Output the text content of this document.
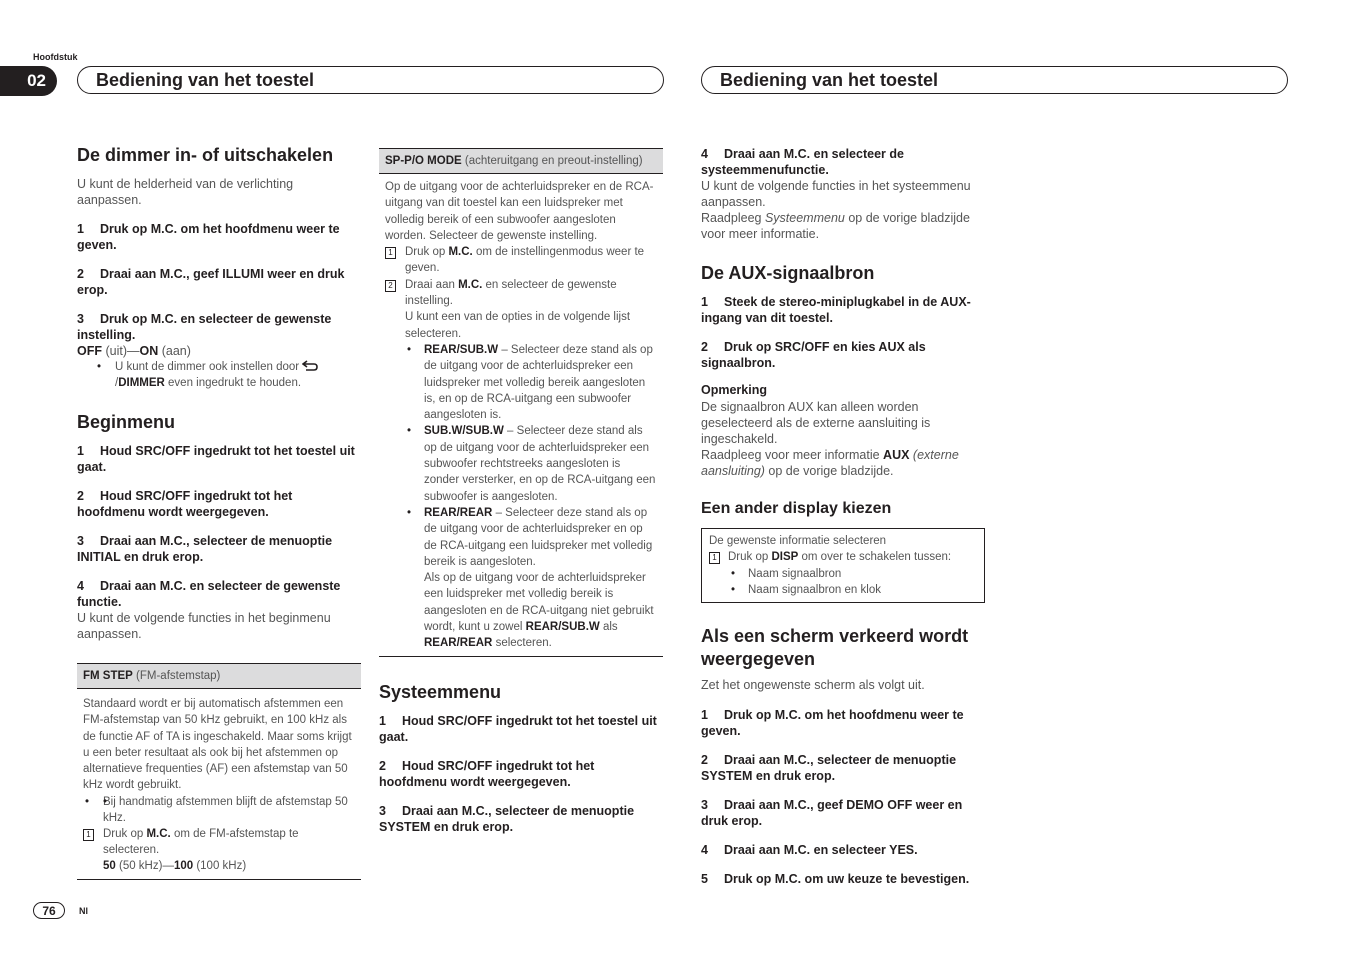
Hoofdstuk
02	Bediening van het toestel	Bediening van het toestel
De dimmer in- of uitschakelen
U kunt de helderheid van de verlichting aanpassen.
1 Druk op M.C. om het hoofdmenu weer te geven.
2 Draai aan M.C., geef ILLUMI weer en druk erop.
3 Druk op M.C. en selecteer de gewenste instelling.
OFF (uit)—ON (aan)
• U kunt de dimmer ook instellen door
/DIMMER even ingedrukt te houden.
Beginmenu
1 Houd SRC/OFF ingedrukt tot het toestel uit gaat.
2 Houd SRC/OFF ingedrukt tot het hoofdmenu wordt weergegeven.
3 Draai aan M.C., selecteer de menuoptie INITIAL en druk erop.
4 Draai aan M.C. en selecteer de gewenste functie.
U kunt de volgende functies in het beginmenu aanpassen.
FM STEP (FM-afstemstap)
Standaard wordt er bij automatisch afstemmen een FM-afstemstap van 50 kHz gebruikt, en 100 kHz als de functie AF of TA is ingeschakeld. Maar soms krijgt u een beter resultaat als ook bij het afstemmen op alternatieve frequenties (AF) een afstemstap van 50 kHz wordt gebruikt.
• • Bij handmatig afstemmen blijft de afstemstap 50 kHz.
1 Druk op M.C. om de FM-afstemstap te selecteren.
50 (50 kHz)—100 (100 kHz)
SP-P/O MODE (achteruitgang en preout-instelling)
Op de uitgang voor de achterluidspreker en de RCA-uitgang van dit toestel kan een luidspreker met volledig bereik of een subwoofer aangesloten worden. Selecteer de gewenste instelling.
1 Druk op M.C. om de instellingenmodus weer te geven.
2 Draai aan M.C. en selecteer de gewenste instelling.
U kunt een van de opties in de volgende lijst selecteren.
• REAR/SUB.W – Selecteer deze stand als op de uitgang voor de achterluidspreker een luidspreker met volledig bereik aangesloten is, en op de RCA-uitgang een subwoofer aangesloten is.
• SUB.W/SUB.W – Selecteer deze stand als op de uitgang voor de achterluidspreker een subwoofer rechtstreeks aangesloten is zonder versterker, en op de RCA-uitgang een subwoofer is aangesloten.
• REAR/REAR – Selecteer deze stand als op de uitgang voor de achterluidspreker en op de RCA-uitgang een luidspreker met volledig bereik is aangesloten.
Als op de uitgang voor de achterluidspreker een luidspreker met volledig bereik is aangesloten en de RCA-uitgang niet gebruikt wordt, kunt u zowel REAR/SUB.W als REAR/REAR selecteren.
Systeemmenu
1 Houd SRC/OFF ingedrukt tot het toestel uit gaat.
2 Houd SRC/OFF ingedrukt tot het hoofdmenu wordt weergegeven.
3 Draai aan M.C., selecteer de menuoptie SYSTEM en druk erop.
4 Draai aan M.C. en selecteer de systeemmenufunctie.
U kunt de volgende functies in het systeemmenu aanpassen.
Raadpleeg Systeemmenu op de vorige bladzijde voor meer informatie.
De AUX-signaalbron
1 Steek de stereo-miniplugkabel in de AUX-ingang van dit toestel.
2 Druk op SRC/OFF en kies AUX als signaalbron.
Opmerking
De signaalbron AUX kan alleen worden geselecteerd als de externe aansluiting is ingeschakeld.
Raadpleeg voor meer informatie AUX (externe aansluiting) op de vorige bladzijde.
Een ander display kiezen
De gewenste informatie selecteren
1 Druk op DISP om over te schakelen tussen:
• Naam signaalbron
• Naam signaalbron en klok
Als een scherm verkeerd wordt weergegeven
Zet het ongewenste scherm als volgt uit.
1 Druk op M.C. om het hoofdmenu weer te geven.
2 Draai aan M.C., selecteer de menuoptie SYSTEM en druk erop.
3 Draai aan M.C., geef DEMO OFF weer en druk erop.
4 Draai aan M.C. en selecteer YES.
5 Druk op M.C. om uw keuze te bevestigen.
76	Nl
